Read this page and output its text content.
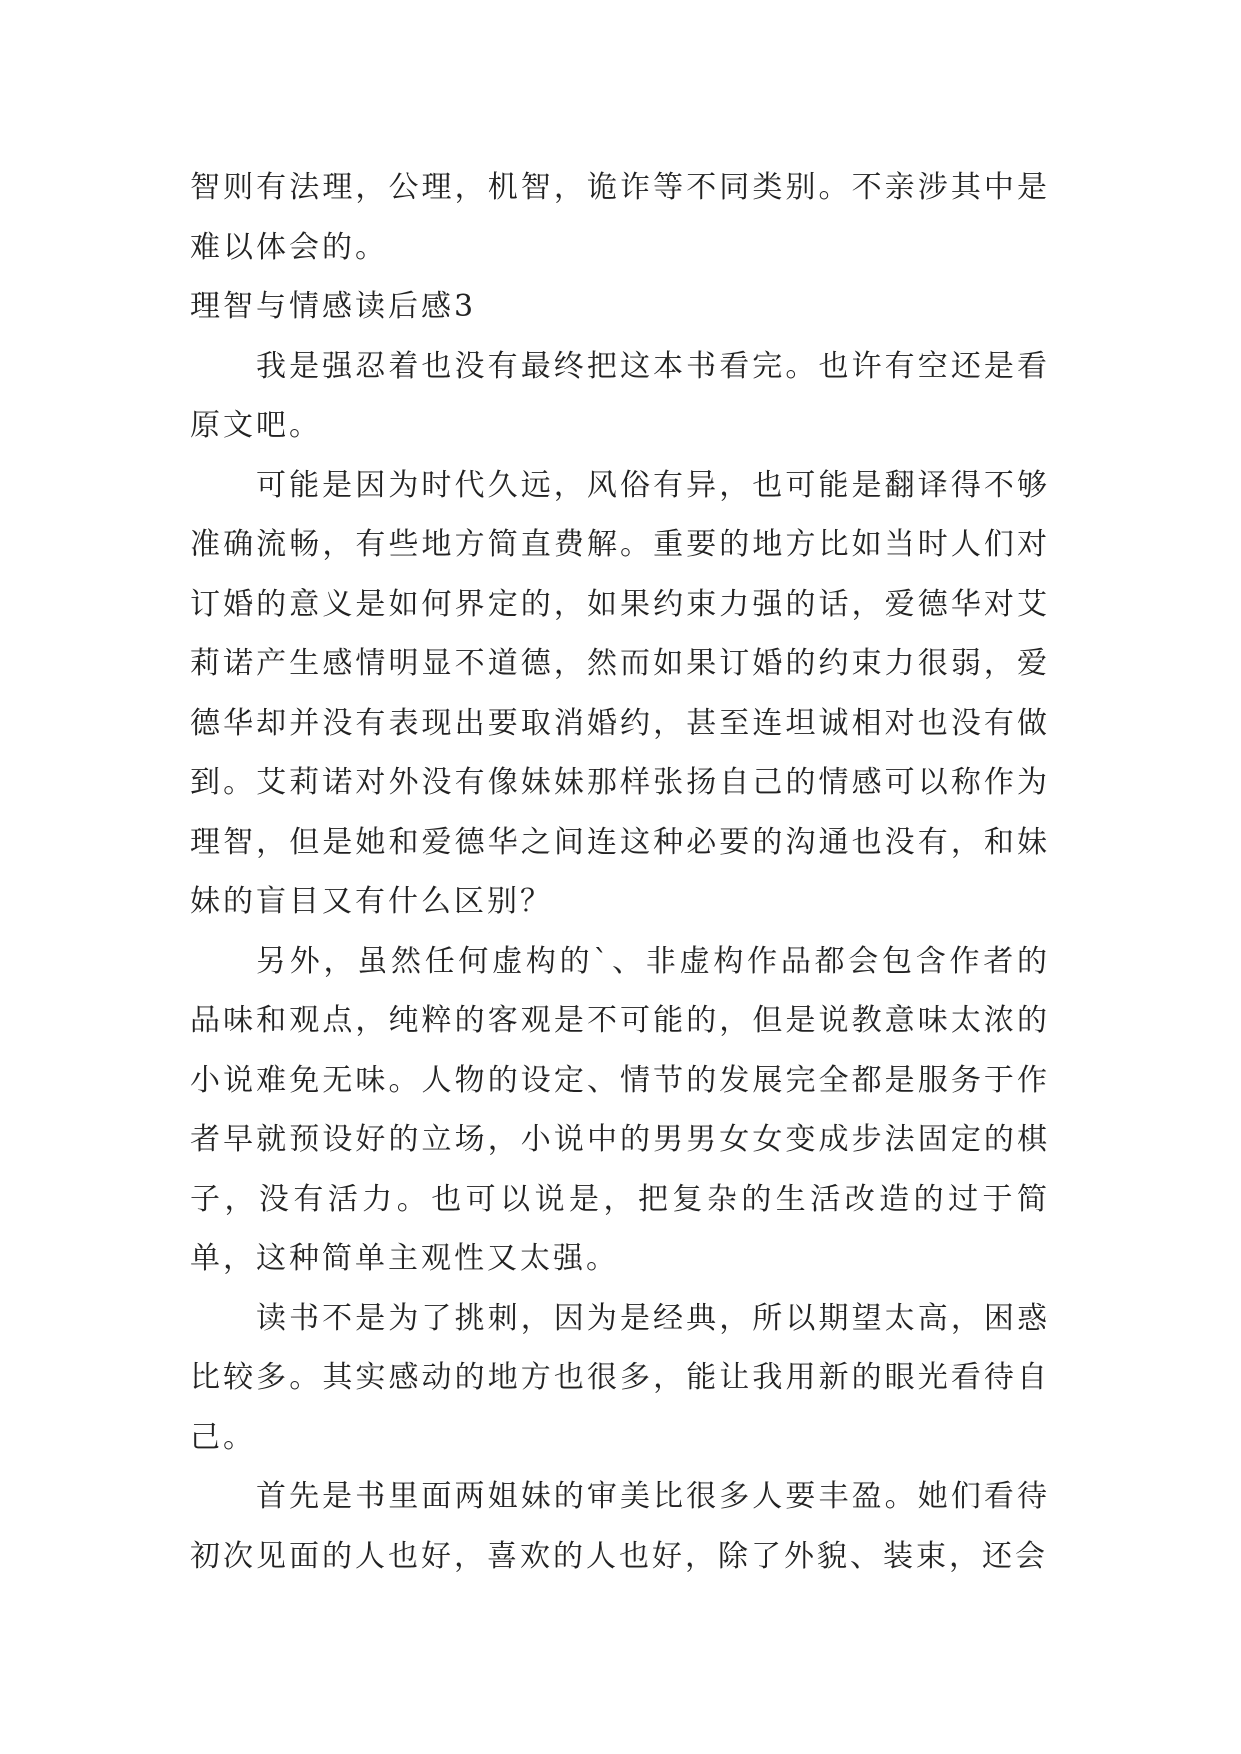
智则有法理，公理，机智，诡诈等不同类别。不亲涉其中是难以体会的。

理智与情感读后感3

我是强忍着也没有最终把这本书看完。也许有空还是看原文吧。

可能是因为时代久远，风俗有异，也可能是翻译得不够准确流畅，有些地方简直费解。重要的地方比如当时人们对订婚的意义是如何界定的，如果约束力强的话，爱德华对艾莉诺产生感情明显不道德，然而如果订婚的约束力很弱，爱德华却并没有表现出要取消婚约，甚至连坦诚相对也没有做到。艾莉诺对外没有像妹妹那样张扬自己的情感可以称作为理智，但是她和爱德华之间连这种必要的沟通也没有，和妹妹的盲目又有什么区别？

另外，虽然任何虚构的`、非虚构作品都会包含作者的品味和观点，纯粹的客观是不可能的，但是说教意味太浓的小说难免无味。人物的设定、情节的发展完全都是服务于作者早就预设好的立场，小说中的男男女女变成步法固定的棋子，没有活力。也可以说是，把复杂的生活改造的过于简单，这种简单主观性又太强。

读书不是为了挑刺，因为是经典，所以期望太高，困惑比较多。其实感动的地方也很多，能让我用新的眼光看待自己。

首先是书里面两姐妹的审美比很多人要丰盈。她们看待初次见面的人也好，喜欢的人也好，除了外貌、装束，还会
